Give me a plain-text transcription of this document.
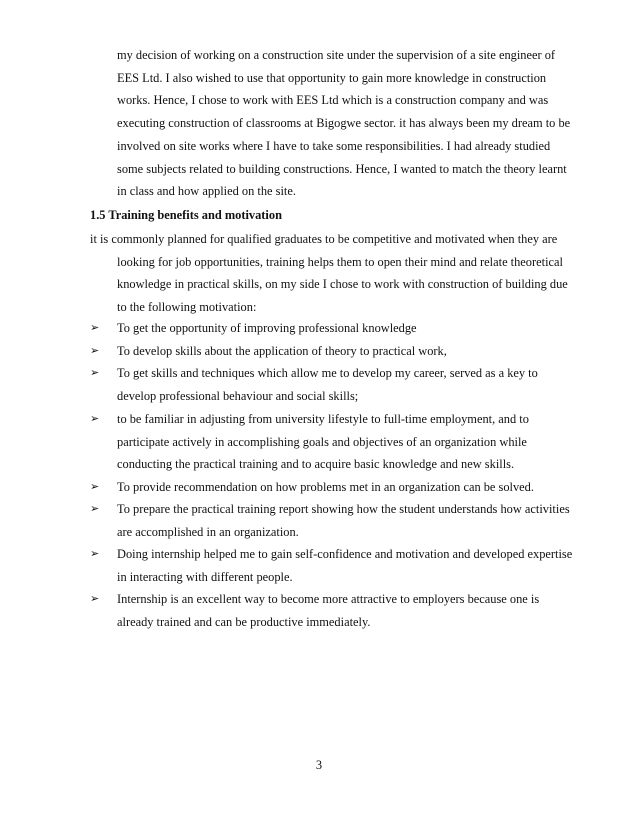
my decision of working on a construction site under the supervision of a site engineer of
EES Ltd. I also wished to use that opportunity to gain more knowledge in construction
works. Hence, I chose to work with EES Ltd which is a construction company and was
executing construction of classrooms at Bigogwe sector. it has always been my dream to be
involved on site works where I have to take some responsibilities. I had already studied
some subjects related to building constructions. Hence, I wanted to match the theory learnt
in class and how applied on the site.
1.5 Training benefits and motivation
it is commonly planned for qualified graduates to be competitive and motivated when they are
looking for job opportunities, training helps them to open their mind and relate theoretical
knowledge in practical skills, on my side I chose to work with construction of building due
to the following motivation:
➢	To get the opportunity of improving professional knowledge
➢	To develop skills about the application of theory to practical work,
➢	To get skills and techniques which allow me to develop my career, served as a key to
develop professional behaviour and social skills;
➢	to be familiar in adjusting from university lifestyle to full-time employment, and to
participate actively in accomplishing goals and objectives of an organization while
conducting the practical training and to acquire basic knowledge and new skills.
➢	To provide recommendation on how problems met in an organization can be solved.
➢	To prepare the practical training report showing how the student understands how activities
are accomplished in an organization.
➢	Doing internship helped me to gain self-confidence and motivation and developed expertise
in interacting with different people.
➢	Internship is an excellent way to become more attractive to employers because one is
already trained and can be productive immediately.
3
